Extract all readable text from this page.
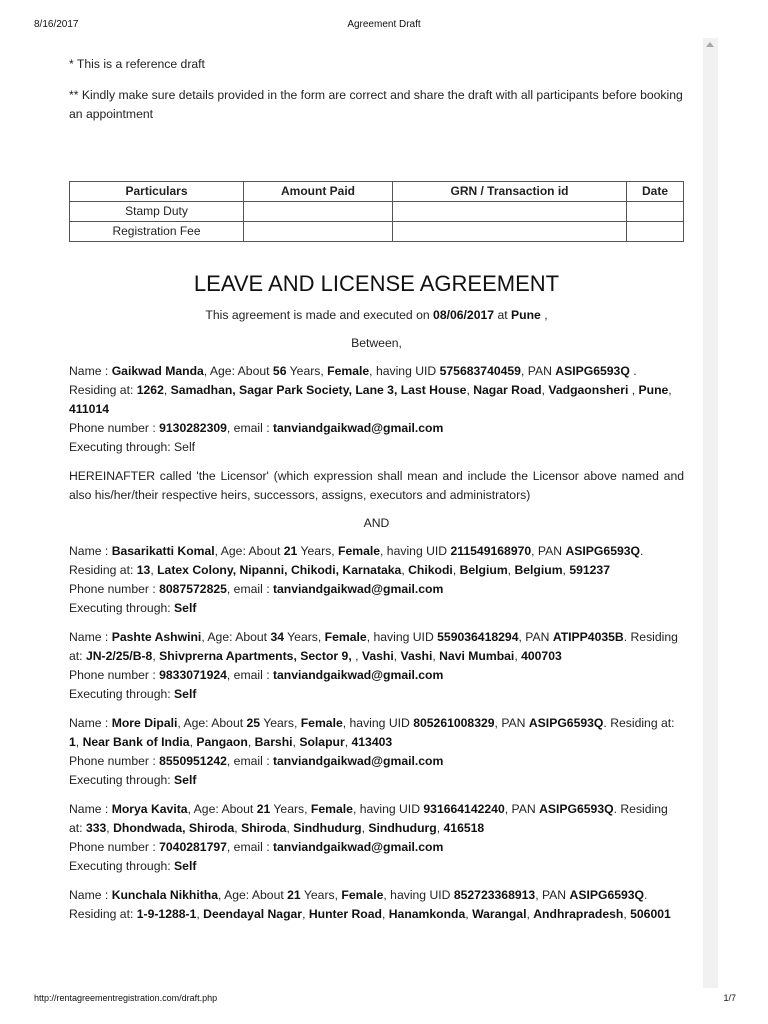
8/16/2017	Agreement Draft

* This is a reference draft

** Kindly make sure details provided in the form are correct and share the draft with all participants before booking an appointment

Particulars	Amount Paid	GRN / Transaction id	Date
Stamp Duty			
Registration Fee			
LEAVE AND LICENSE AGREEMENT

This agreement is made and executed on 08/06/2017 at Pune ,

Between,

Name : Gaikwad Manda, Age: About 56 Years, Female, having UID 575683740459, PAN ASIPG6593Q . Residing at: 1262, Samadhan, Sagar Park Society, Lane 3, Last House, Nagar Road, Vadgaonsheri , Pune, 411014
Phone number : 9130282309, email : tanviandgaikwad@gmail.com
Executing through: Self

HEREINAFTER called 'the Licensor' (which expression shall mean and include the Licensor above named and also his/her/their respective heirs, successors, assigns, executors and administrators)

AND

Name : Basarikatti Komal, Age: About 21 Years, Female, having UID 211549168970, PAN ASIPG6593Q. Residing at: 13, Latex Colony, Nipanni, Chikodi, Karnataka, Chikodi, Belgium, Belgium, 591237
Phone number : 8087572825, email : tanviandgaikwad@gmail.com
Executing through: Self
Name : Pashte Ashwini, Age: About 34 Years, Female, having UID 559036418294, PAN ATIPP4035B. Residing at: JN-2/25/B-8, Shivprerna Apartments, Sector 9, , Vashi, Vashi, Navi Mumbai, 400703
Phone number : 9833071924, email : tanviandgaikwad@gmail.com
Executing through: Self
Name : More Dipali, Age: About 25 Years, Female, having UID 805261008329, PAN ASIPG6593Q. Residing at: 1, Near Bank of India, Pangaon, Barshi, Solapur, 413403
Phone number : 8550951242, email : tanviandgaikwad@gmail.com
Executing through: Self
Name : Morya Kavita, Age: About 21 Years, Female, having UID 931664142240, PAN ASIPG6593Q. Residing at: 333, Dhondwada, Shiroda, Shiroda, Sindhudurg, Sindhudurg, 416518
Phone number : 7040281797, email : tanviandgaikwad@gmail.com
Executing through: Self
Name : Kunchala Nikhitha, Age: About 21 Years, Female, having UID 852723368913, PAN ASIPG6593Q. Residing at: 1-9-1288-1, Deendayal Nagar, Hunter Road, Hanamkonda, Warangal, Andhrapradesh, 506001
http://rentagreementregistration.com/draft.php	1/7
